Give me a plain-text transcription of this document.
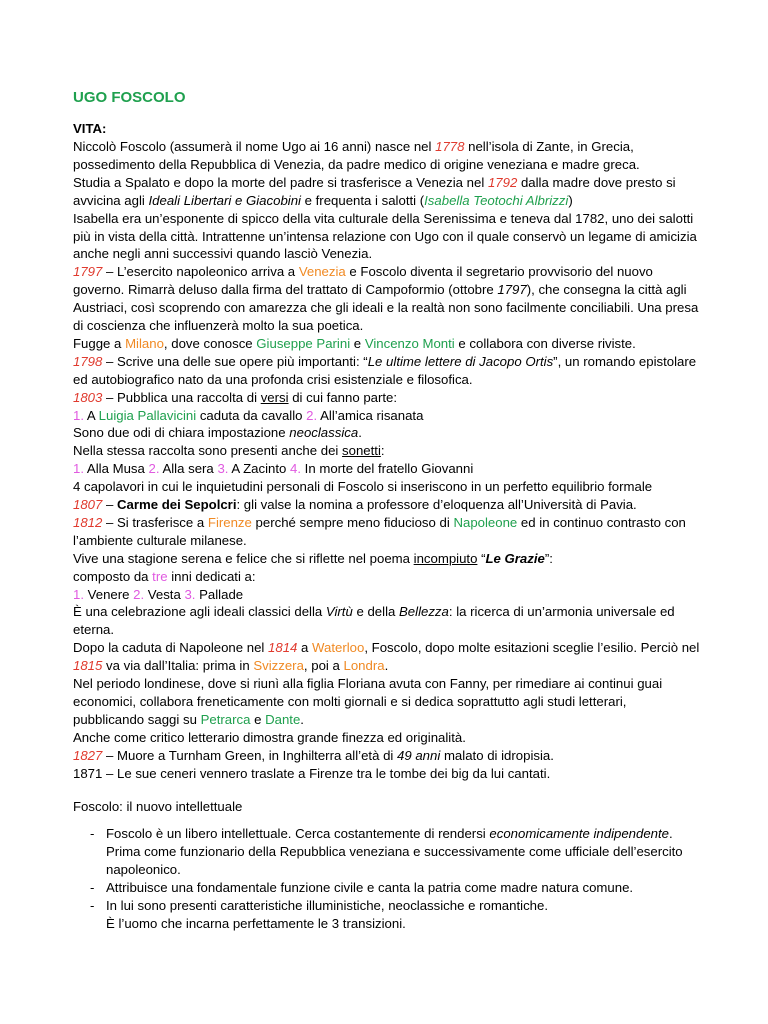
UGO FOSCOLO
VITA:
Niccolò Foscolo (assumerà il nome Ugo ai 16 anni) nasce nel 1778 nell’isola di Zante, in Grecia,
possedimento della Repubblica di Venezia, da padre medico di origine veneziana e madre greca.
Studia a Spalato e dopo la morte del padre si trasferisce a Venezia nel 1792 dalla madre dove presto si
avvicina agli Ideali Libertari e Giacobini e frequenta i salotti (Isabella Teotochi Albrizzi)
Isabella era un’esponente di spicco della vita culturale della Serenissima e teneva dal 1782, uno dei salotti
più in vista della città. Intrattenne un’intensa relazione con Ugo con il quale conservò un legame di amicizia
anche negli anni successivi quando lasciò Venezia.
1797 – L’esercito napoleonico arriva a Venezia e Foscolo diventa il segretario provvisorio del nuovo
governo. Rimarrà deluso dalla firma del trattato di Campoformio (ottobre 1797), che consegna la città agli
Austriaci, così scoprendo con amarezza che gli ideali e la realtà non sono facilmente conciliabili. Una presa
di coscienza che influenzerà molto la sua poetica.
Fugge a Milano, dove conosce Giuseppe Parini e Vincenzo Monti e collabora con diverse riviste.
1798 – Scrive una delle sue opere più importanti: “Le ultime lettere di Jacopo Ortis”, un romando epistolare
ed autobiografico nato da una profonda crisi esistenziale e filosofica.
1803 – Pubblica una raccolta di versi di cui fanno parte:
1. A Luigia Pallavicini caduta da cavallo 2. All’amica risanata
Sono due odi di chiara impostazione neoclassica.
Nella stessa raccolta sono presenti anche dei sonetti:
1. Alla Musa 2. Alla sera 3. A Zacinto 4. In morte del fratello Giovanni
4 capolavori in cui le inquietudini personali di Foscolo si inseriscono in un perfetto equilibrio formale
1807 – Carme dei Sepolcri: gli valse la nomina a professore d’eloquenza all’Università di Pavia.
1812 – Si trasferisce a Firenze perché sempre meno fiducioso di Napoleone ed in continuo contrasto con
l’ambiente culturale milanese.
Vive una stagione serena e felice che si riflette nel poema incompiuto “Le Grazie”:
composto da tre inni dedicati a:
1. Venere 2. Vesta 3. Pallade
È una celebrazione agli ideali classici della Virtù e della Bellezza: la ricerca di un’armonia universale ed
eterna.
Dopo la caduta di Napoleone nel 1814 a Waterloo, Foscolo, dopo molte esitazioni sceglie l’esilio. Perciò nel
1815 va via dall’Italia: prima in Svizzera, poi a Londra.
Nel periodo londinese, dove si riunì alla figlia Floriana avuta con Fanny, per rimediare ai continui guai
economici, collabora freneticamente con molti giornali e si dedica soprattutto agli studi letterari,
pubblicando saggi su Petrarca e Dante.
Anche come critico letterario dimostra grande finezza ed originalità.
1827 – Muore a Turnham Green, in Inghilterra all’età di 49 anni malato di idropisia.
1871 – Le sue ceneri vennero traslate a Firenze tra le tombe dei big da lui cantati.
Foscolo: il nuovo intellettuale
- Foscolo è un libero intellettuale. Cerca costantemente di rendersi economicamente indipendente.
Prima come funzionario della Repubblica veneziana e successivamente come ufficiale dell’esercito
napoleonico.
- Attribuisce una fondamentale funzione civile e canta la patria come madre natura comune.
- In lui sono presenti caratteristiche illuministiche, neoclassiche e romantiche.
È l’uomo che incarna perfettamente le 3 transizioni.
